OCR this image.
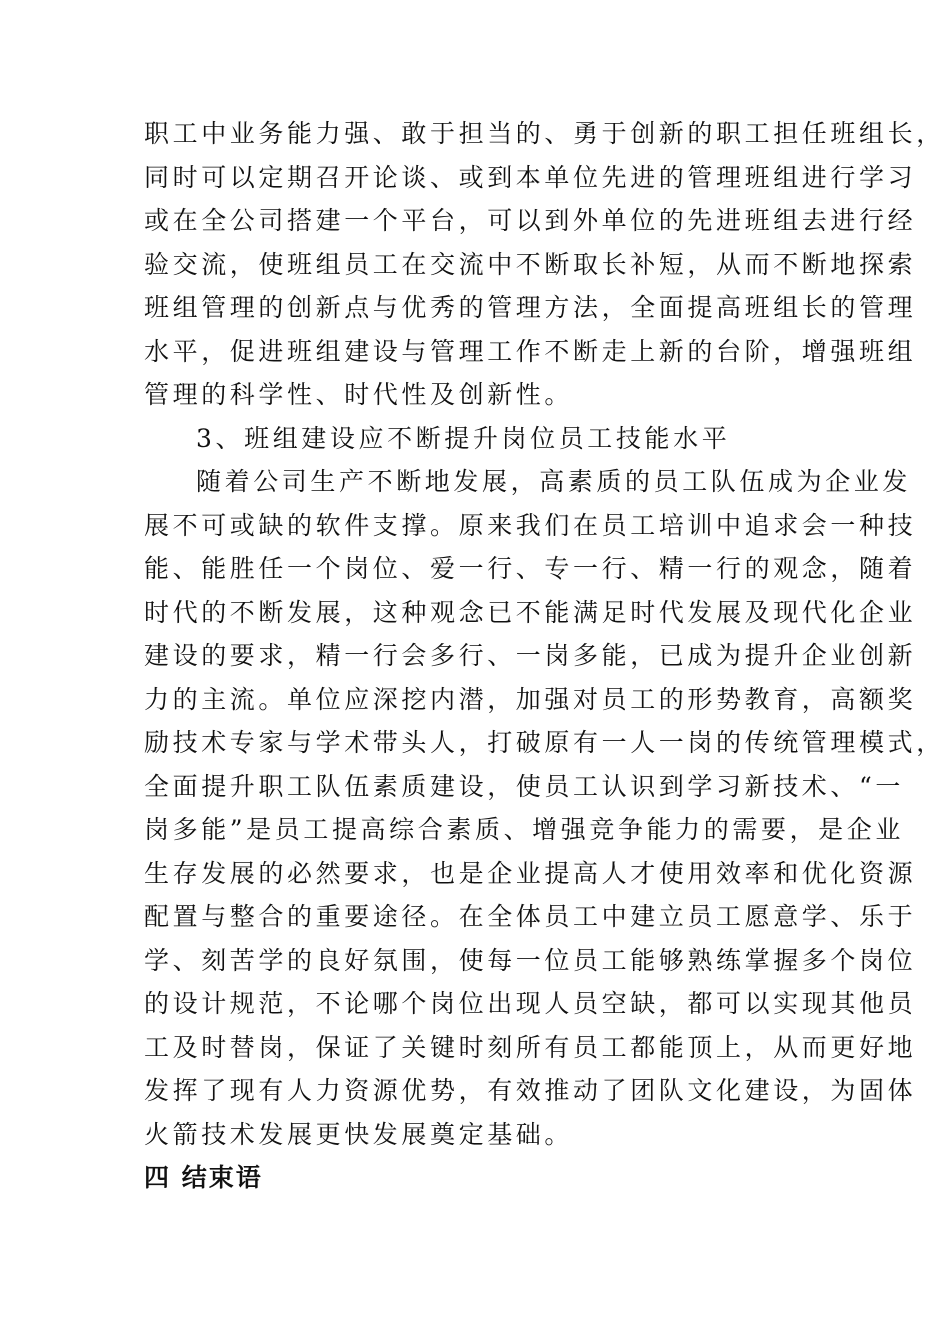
职工中业务能力强、敢于担当的、勇于创新的职工担任班组长，
同时可以定期召开论谈、或到本单位先进的管理班组进行学习
或在全公司搭建一个平台，可以到外单位的先进班组去进行经
验交流，使班组员工在交流中不断取长补短，从而不断地探索
班组管理的创新点与优秀的管理方法，全面提高班组长的管理
水平，促进班组建设与管理工作不断走上新的台阶，增强班组
管理的科学性、时代性及创新性。
3、班组建设应不断提升岗位员工技能水平
随着公司生产不断地发展，高素质的员工队伍成为企业发
展不可或缺的软件支撑。原来我们在员工培训中追求会一种技
能、能胜任一个岗位、爱一行、专一行、精一行的观念，随着
时代的不断发展，这种观念已不能满足时代发展及现代化企业
建设的要求，精一行会多行、一岗多能，已成为提升企业创新
力的主流。单位应深挖内潜，加强对员工的形势教育，高额奖
励技术专家与学术带头人，打破原有一人一岗的传统管理模式，
全面提升职工队伍素质建设，使员工认识到学习新技术、“一
岗多能”是员工提高综合素质、增强竞争能力的需要，是企业
生存发展的必然要求，也是企业提高人才使用效率和优化资源
配置与整合的重要途径。在全体员工中建立员工愿意学、乐于
学、刻苦学的良好氛围，使每一位员工能够熟练掌握多个岗位
的设计规范，不论哪个岗位出现人员空缺，都可以实现其他员
工及时替岗，保证了关键时刻所有员工都能顶上，从而更好地
发挥了现有人力资源优势，有效推动了团队文化建设，为固体
火箭技术发展更快发展奠定基础。
四 结束语
